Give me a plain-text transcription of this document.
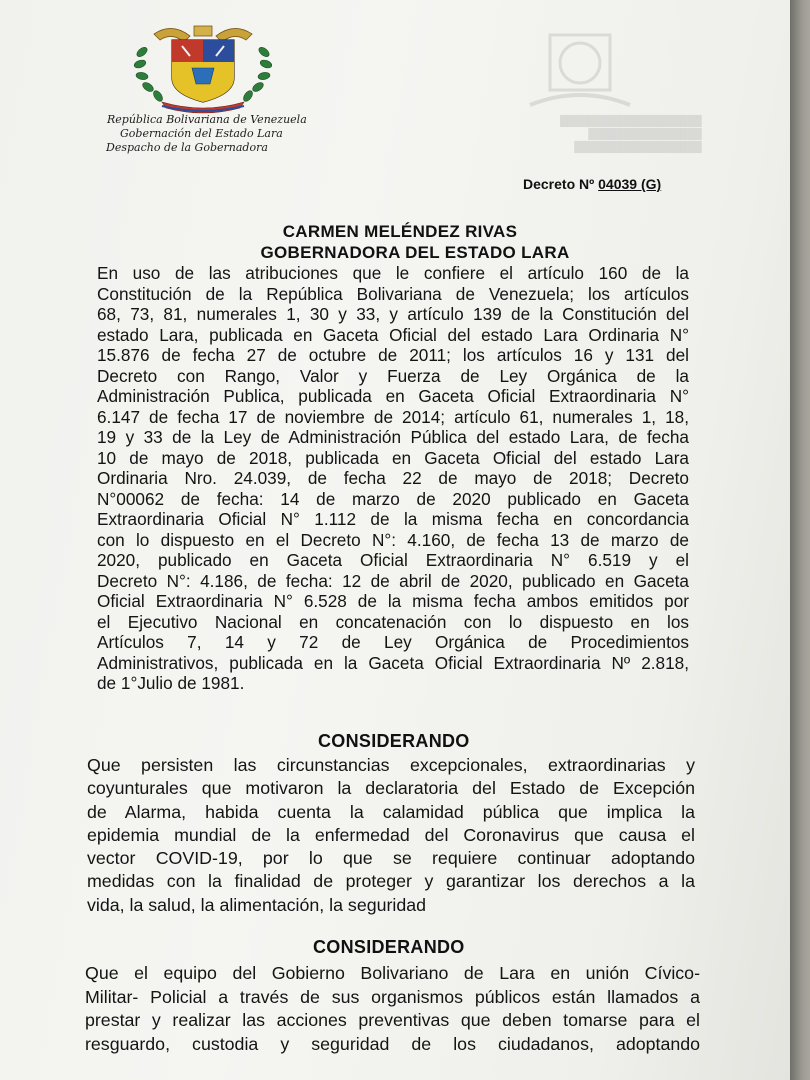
████████████████████
████████████████
██████████████████
República Bolivariana de Venezuela
Gobernación del Estado Lara
Despacho de la Gobernadora
Decreto Nº 04039 (G)
CARMEN MELÉNDEZ RIVAS
GOBERNADORA DEL ESTADO LARA
En uso de las atribuciones que le confiere el artículo 160 de la
Constitución de la República Bolivariana de Venezuela; los artículos
68, 73, 81, numerales 1, 30 y 33, y artículo 139 de la Constitución del
estado Lara, publicada en Gaceta Oficial del estado Lara Ordinaria N°
15.876 de fecha 27 de octubre de 2011; los artículos 16 y 131 del
Decreto con Rango, Valor y Fuerza de Ley Orgánica de la
Administración Publica, publicada en Gaceta Oficial Extraordinaria N°
6.147 de fecha 17 de noviembre de 2014; artículo 61, numerales 1, 18,
19 y 33 de la Ley de Administración Pública del estado Lara, de fecha
10 de mayo de 2018, publicada en Gaceta Oficial del estado Lara
Ordinaria Nro. 24.039, de fecha 22 de mayo de 2018; Decreto
N°00062 de fecha: 14 de marzo de 2020 publicado en Gaceta
Extraordinaria Oficial N° 1.112 de la misma fecha en concordancia
con lo dispuesto en el Decreto N°: 4.160, de fecha 13 de marzo de
2020, publicado en Gaceta Oficial Extraordinaria N° 6.519 y el
Decreto N°: 4.186, de fecha: 12 de abril de 2020, publicado en Gaceta
Oficial Extraordinaria N° 6.528 de la misma fecha ambos emitidos por
el Ejecutivo Nacional en concatenación con lo dispuesto en los
Artículos 7, 14 y 72 de Ley Orgánica de Procedimientos
Administrativos, publicada en la Gaceta Oficial Extraordinaria Nº 2.818,
de 1°Julio de 1981.
CONSIDERANDO
Que persisten las circunstancias excepcionales, extraordinarias y
coyunturales que motivaron la declaratoria del Estado de Excepción
de Alarma, habida cuenta la calamidad pública que implica la
epidemia mundial de la enfermedad del Coronavirus que causa el
vector COVID-19, por lo que se requiere continuar adoptando
medidas con la finalidad de proteger y garantizar los derechos a la
vida, la salud, la alimentación, la seguridad
CONSIDERANDO
Que el equipo del Gobierno Bolivariano de Lara en unión Cívico-
Militar- Policial a través de sus organismos públicos están llamados a
prestar y realizar las acciones preventivas que deben tomarse para el
resguardo, custodia y seguridad de los ciudadanos, adoptando
